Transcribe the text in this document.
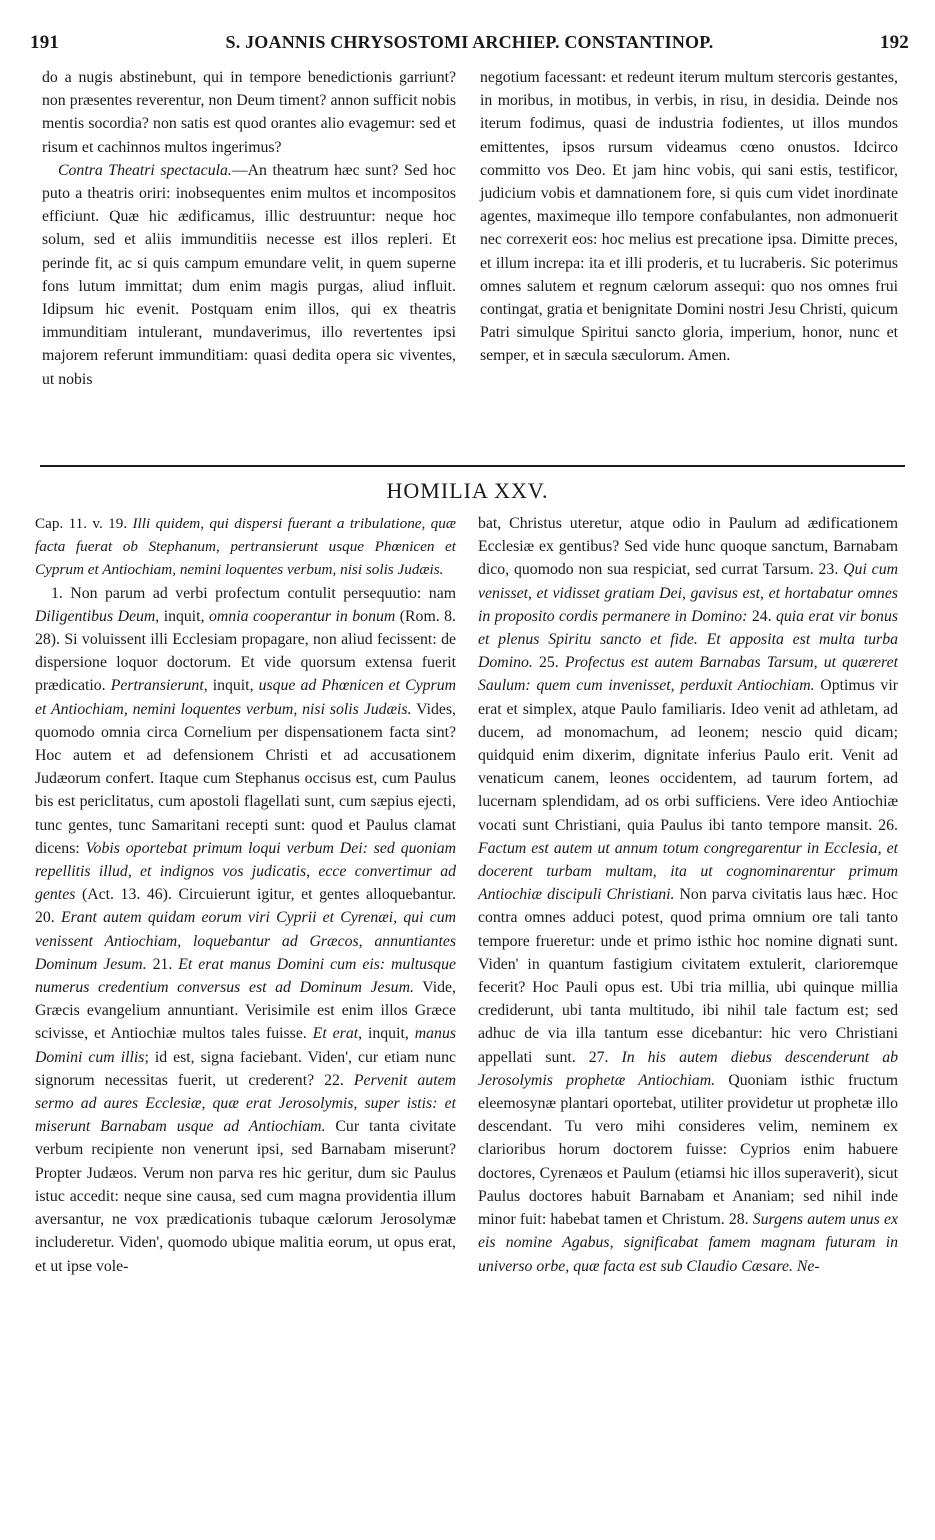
191	S. JOANNIS CHRYSOSTOMI ARCHIEP. CONSTANTINOP.	192

do a nugis abstinebunt, qui in tempore benedictionis garriunt? non præsentes reverentur, non Deum timent? annon sufficit nobis mentis socordia? non satis est quod orantes alio evagemur: sed et risum et cachinnos multos ingerimus?

Contra Theatri spectacula.—An theatrum hæc sunt? Sed hoc puto a theatris oriri: inobsequentes enim multos et incompositos efficiunt. Quæ hic ædificamus, illic destruuntur: neque hoc solum, sed et aliis immunditiis necesse est illos repleri. Et perinde fit, ac si quis campum emundare velit, in quem superne fons lutum immittat; dum enim magis purgas, aliud influit. Idipsum hic evenit. Postquam enim illos, qui ex theatris immunditiam intulerant, mundaverimus, illo revertentes ipsi majorem referunt immunditiam: quasi dedita opera sic viventes, ut nobis

negotium facessant: et redeunt iterum multum stercoris gestantes, in moribus, in motibus, in verbis, in risu, in desidia. Deinde nos iterum fodimus, quasi de industria fodientes, ut illos mundos emittentes, ipsos rursum videamus cœno onustos. Idcirco committo vos Deo. Et jam hinc vobis, qui sani estis, testificor, judicium vobis et damnationem fore, si quis cum videt inordinate agentes, maximeque illo tempore confabulantes, non admonuerit nec correxerit eos: hoc melius est precatione ipsa. Dimitte preces, et illum increpa: ita et illi proderis, et tu lucraberis. Sic poterimus omnes salutem et regnum cælorum assequi: quo nos omnes frui contingat, gratia et benignitate Domini nostri Jesu Christi, quicum Patri simulque Spiritui sancto gloria, imperium, honor, nunc et semper, et in sæcula sæculorum. Amen.

HOMILIA XXV.

Cap. 11. v. 19. Illi quidem, qui dispersi fuerant a tribulatione, quæ facta fuerat ob Stephanum, pertransierunt usque Phœnicen et Cyprum et Antiochiam, nemini loquentes verbum, nisi solis Judæis.

1. Non parum ad verbi profectum contulit persequutio: nam Diligentibus Deum, inquit, omnia cooperantur in bonum (Rom. 8. 28). Si voluissent illi Ecclesiam propagare, non aliud fecissent: de dispersione loquor doctorum. Et vide quorsum extensa fuerit prædicatio. Pertransierunt, inquit, usque ad Phœnicen et Cyprum et Antiochiam, nemini loquentes verbum, nisi solis Judæis. Vides, quomodo omnia circa Cornelium per dispensationem facta sint? Hoc autem et ad defensionem Christi et ad accusationem Judæorum confert. Itaque cum Stephanus occisus est, cum Paulus bis est periclitatus, cum apostoli flagellati sunt, cum sæpius ejecti, tunc gentes, tunc Samaritani recepti sunt: quod et Paulus clamat dicens: Vobis oportebat primum loqui verbum Dei: sed quoniam repellitis illud, et indignos vos judicatis, ecce convertimur ad gentes (Act. 13. 46). Circuierunt igitur, et gentes alloquebantur. 20. Erant autem quidam eorum viri Cyprii et Cyrenæi, qui cum venissent Antiochiam, loquebantur ad Græcos, annuntiantes Dominum Jesum. 21. Et erat manus Domini cum eis: multusque numerus credentium conversus est ad Dominum Jesum. Vide, Græcis evangelium annuntiant. Verisimile est enim illos Græce scivisse, et Antiochiæ multos tales fuisse. Et erat, inquit, manus Domini cum illis; id est, signa faciebant. Viden', cur etiam nunc signorum necessitas fuerit, ut crederent? 22. Pervenit autem sermo ad aures Ecclesiæ, quæ erat Jerosolymis, super istis: et miserunt Barnabam usque ad Antiochiam. Cur tanta civitate verbum recipiente non venerunt ipsi, sed Barnabam miserunt? Propter Judæos. Verum non parva res hic geritur, dum sic Paulus istuc accedit: neque sine causa, sed cum magna providentia illum aversantur, ne vox prædicationis tubaque cælorum Jerosolymæ includeretur. Viden', quomodo ubique malitia eorum, ut opus erat, et ut ipse vole-

bat, Christus uteretur, atque odio in Paulum ad ædificationem Ecclesiæ ex gentibus? Sed vide hunc quoque sanctum, Barnabam dico, quomodo non sua respiciat, sed currat Tarsum. 23. Qui cum venisset, et vidisset gratiam Dei, gavisus est, et hortabatur omnes in proposito cordis permanere in Domino: 24. quia erat vir bonus et plenus Spiritu sancto et fide. Et apposita est multa turba Domino. 25. Profectus est autem Barnabas Tarsum, ut quæreret Saulum: quem cum invenisset, perduxit Antiochiam. Optimus vir erat et simplex, atque Paulo familiaris. Ideo venit ad athletam, ad ducem, ad monomachum, ad leonem; nescio quid dicam; quidquid enim dixerim, dignitate inferius Paulo erit. Venit ad venaticum canem, leones occidentem, ad taurum fortem, ad lucernam splendidam, ad os orbi sufficiens. Vere ideo Antiochiæ vocati sunt Christiani, quia Paulus ibi tanto tempore mansit. 26. Factum est autem ut annum totum congregarentur in Ecclesia, et docerent turbam multam, ita ut cognominarentur primum Antiochiæ discipuli Christiani. Non parva civitatis laus hæc. Hoc contra omnes adduci potest, quod prima omnium ore tali tanto tempore frueretur: unde et primo isthic hoc nomine dignati sunt. Viden' in quantum fastigium civitatem extulerit, clarioremque fecerit? Hoc Pauli opus est. Ubi tria millia, ubi quinque millia crediderunt, ubi tanta multitudo, ibi nihil tale factum est; sed adhuc de via illa tantum esse dicebantur: hic vero Christiani appellati sunt. 27. In his autem diebus descenderunt ab Jerosolymis prophetæ Antiochiam. Quoniam isthic fructum eleemosynæ plantari oportebat, utiliter providetur ut prophetæ illo descendant. Tu vero mihi consideres velim, neminem ex clarioribus horum doctorem fuisse: Cyprios enim habuere doctores, Cyrenæos et Paulum (etiamsi hic illos superaverit), sicut Paulus doctores habuit Barnabam et Ananiam; sed nihil inde minor fuit: habebat tamen et Christum. 28. Surgens autem unus ex eis nomine Agabus, significabat famem magnam futuram in universo orbe, quæ facta est sub Claudio Cæsare. Ne-
